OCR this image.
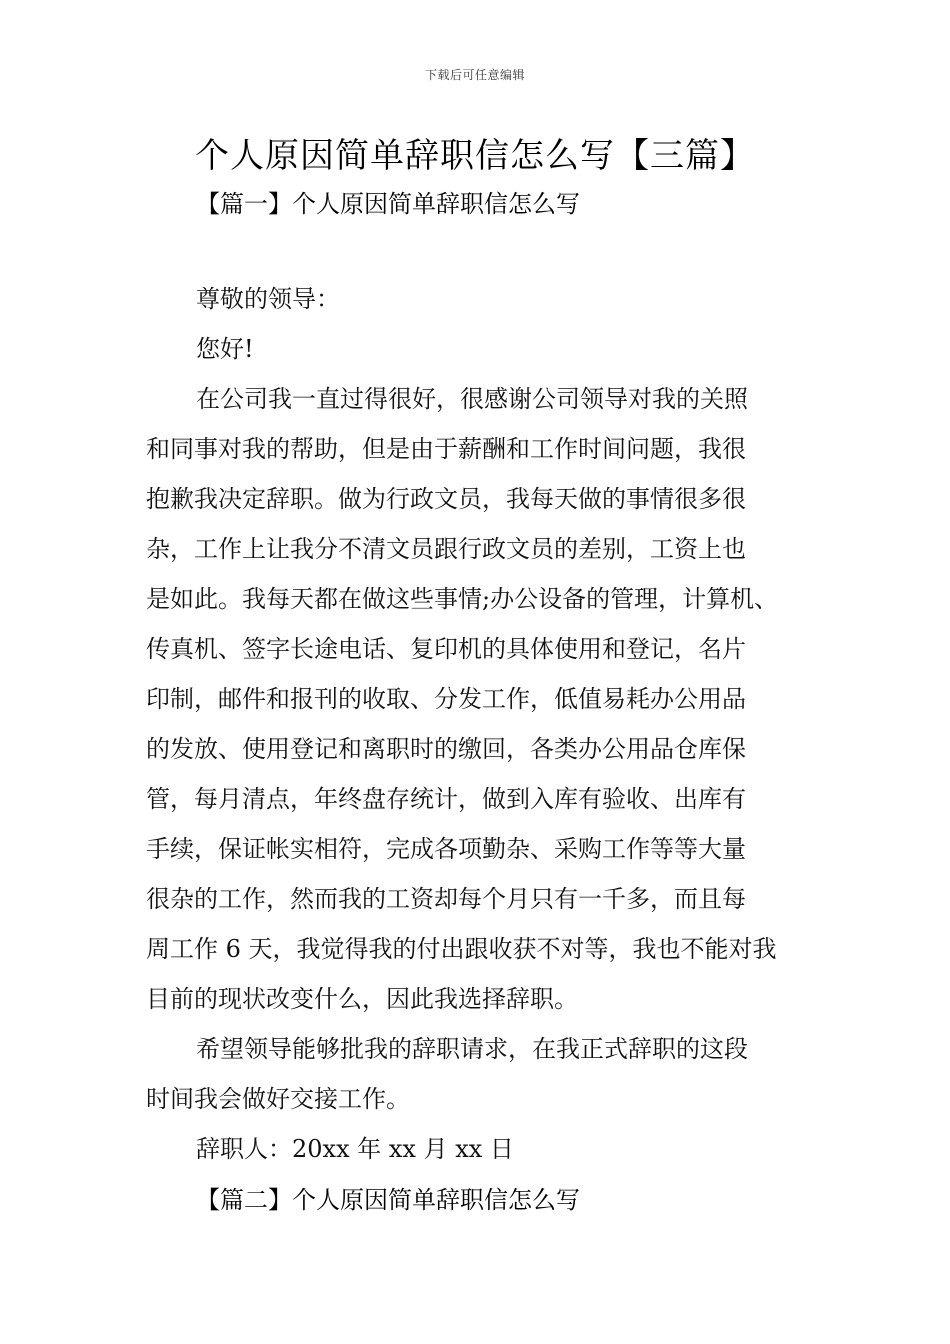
下载后可任意编辑
个人原因简单辞职信怎么写【三篇】
【篇一】个人原因简单辞职信怎么写
尊敬的领导：
您好!
在公司我一直过得很好，很感谢公司领导对我的关照
和同事对我的帮助，但是由于薪酬和工作时间问题，我很
抱歉我决定辞职。做为行政文员，我每天做的事情很多很
杂，工作上让我分不清文员跟行政文员的差别，工资上也
是如此。我每天都在做这些事情;办公设备的管理，计算机、
传真机、签字长途电话、复印机的具体使用和登记，名片
印制，邮件和报刊的收取、分发工作，低值易耗办公用品
的发放、使用登记和离职时的缴回，各类办公用品仓库保
管，每月清点，年终盘存统计，做到入库有验收、出库有
手续，保证帐实相符，完成各项勤杂、采购工作等等大量
很杂的工作，然而我的工资却每个月只有一千多，而且每
周工作 6 天，我觉得我的付出跟收获不对等，我也不能对我
目前的现状改变什么，因此我选择辞职。
希望领导能够批我的辞职请求，在我正式辞职的这段
时间我会做好交接工作。
辞职人：20xx 年 xx 月 xx 日
【篇二】个人原因简单辞职信怎么写
